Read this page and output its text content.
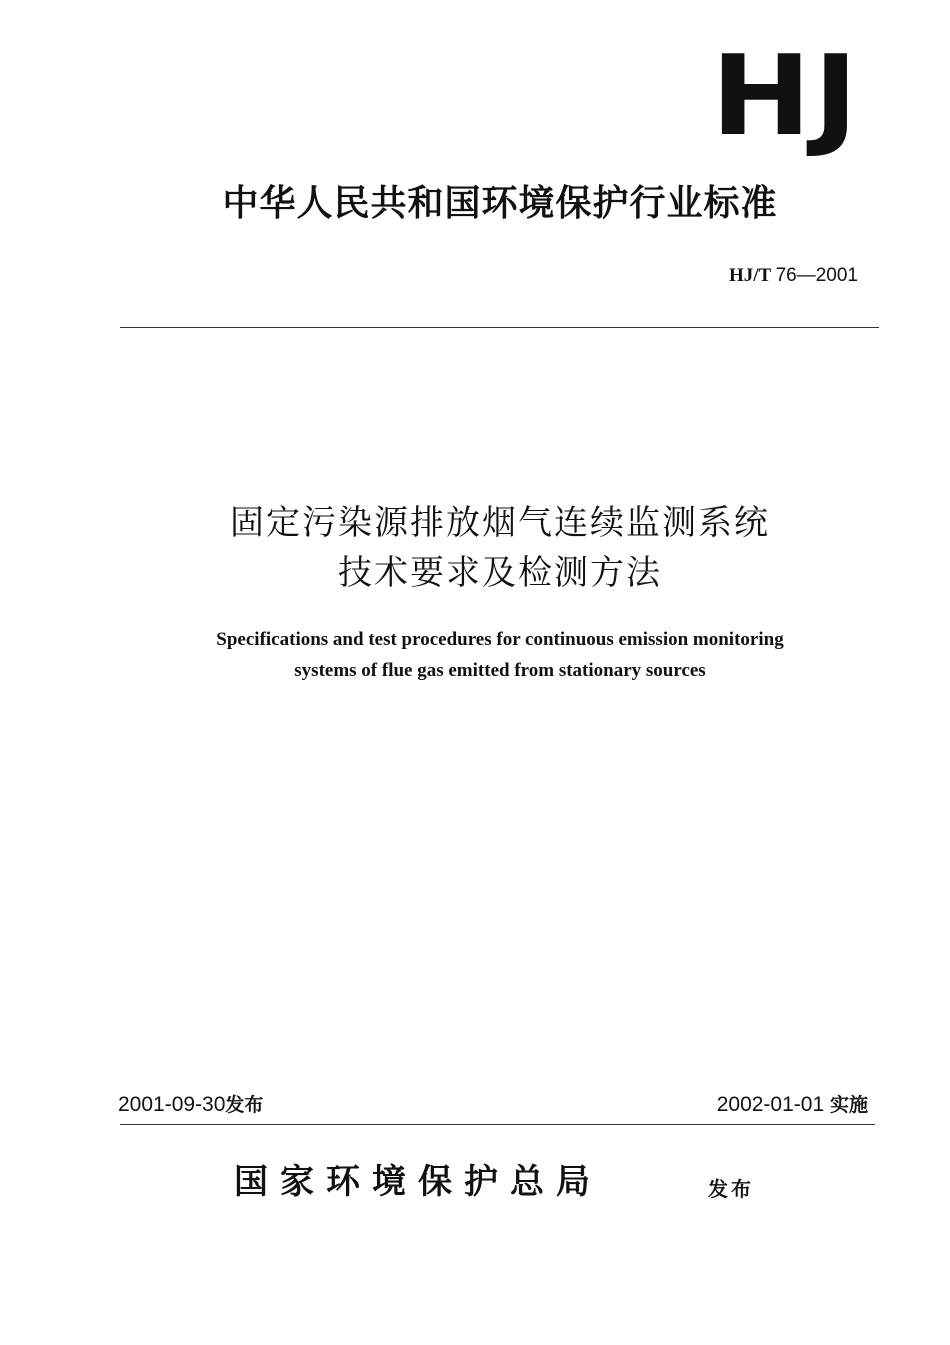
HJ
中华人民共和国环境保护行业标准
HJ/T 76—2001
固定污染源排放烟气连续监测系统
技术要求及检测方法
Specifications and test procedures for continuous emission monitoring
systems of flue gas emitted from stationary sources
2001-09-30发布	2002-01-01 实施
国家环境保护总局	发布
